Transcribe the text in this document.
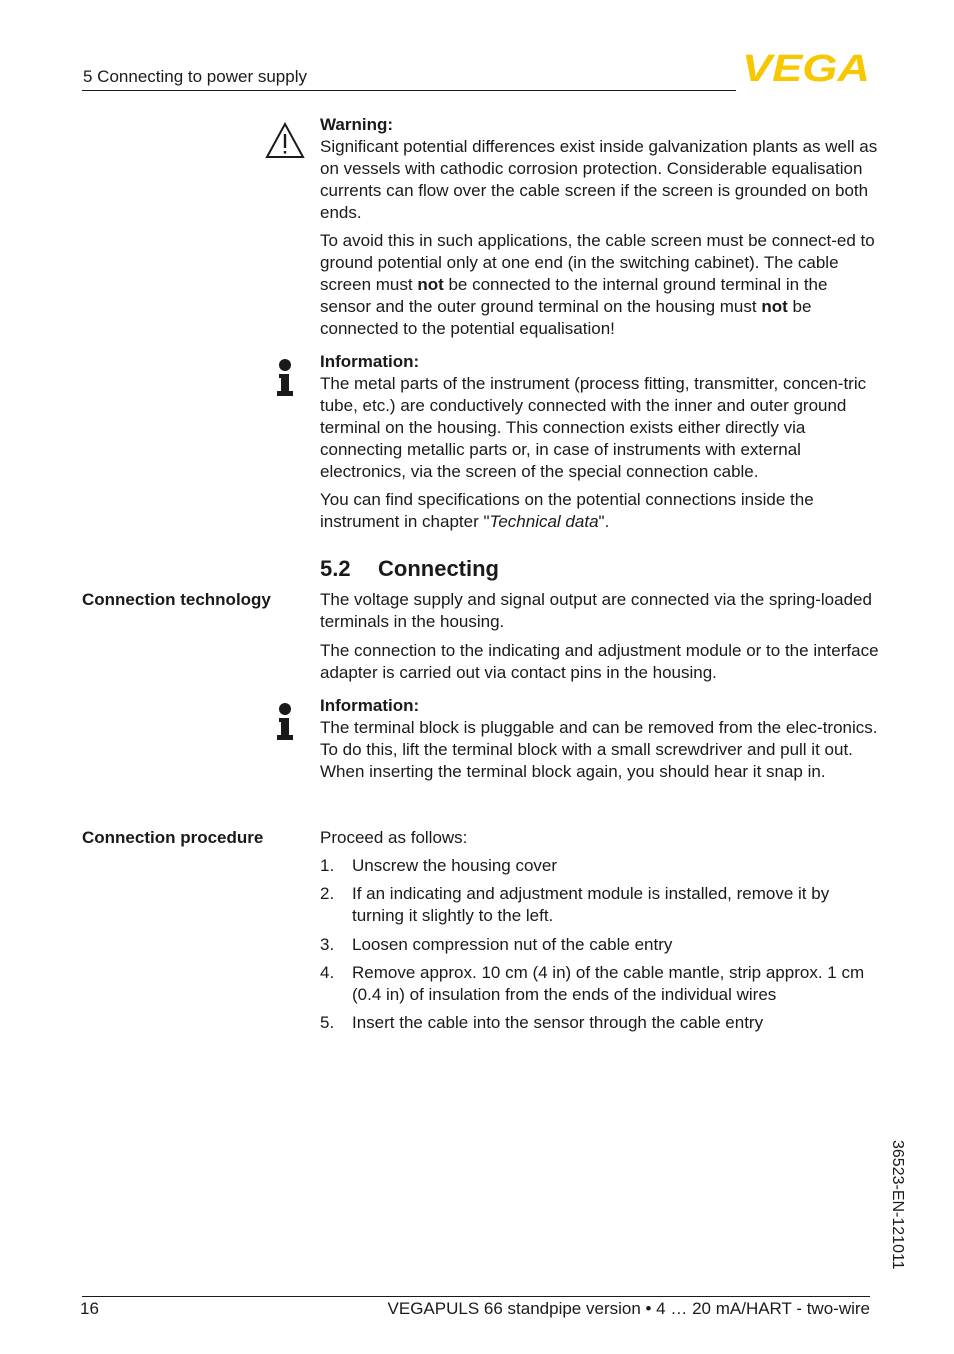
5 Connecting to power supply	VEGA

Warning:

Significant potential differences exist inside galvanization plants as well as on vessels with cathodic corrosion protection. Considerable equalisation currents can flow over the cable screen if the screen is grounded on both ends.

To avoid this in such applications, the cable screen must be connect-ed to ground potential only at one end (in the switching cabinet). The cable screen must not be connected to the internal ground terminal in the sensor and the outer ground terminal on the housing must not be connected to the potential equalisation!

Information:

The metal parts of the instrument (process fitting, transmitter, concen-tric tube, etc.) are conductively connected with the inner and outer ground terminal on the housing. This connection exists either directly via connecting metallic parts or, in case of instruments with external electronics, via the screen of the special connection cable.

You can find specifications on the potential connections inside the instrument in chapter "Technical data".

5.2 Connecting
Connection technology	The voltage supply and signal output are connected via the spring-loaded terminals in the housing.

The connection to the indicating and adjustment module or to the interface adapter is carried out via contact pins in the housing.

Information:

The terminal block is pluggable and can be removed from the elec-tronics. To do this, lift the terminal block with a small screwdriver and pull it out. When inserting the terminal block again, you should hear it snap in.

Connection procedure	Proceed as follows:

1. Unscrew the housing cover
2. If an indicating and adjustment module is installed, remove it by turning it slightly to the left.
3. Loosen compression nut of the cable entry
4. Remove approx. 10 cm (4 in) of the cable mantle, strip approx. 1 cm (0.4 in) of insulation from the ends of the individual wires
5. Insert the cable into the sensor through the cable entry
36523-EN-121011
16	VEGAPULS 66 standpipe version • 4 … 20 mA/HART - two-wire
